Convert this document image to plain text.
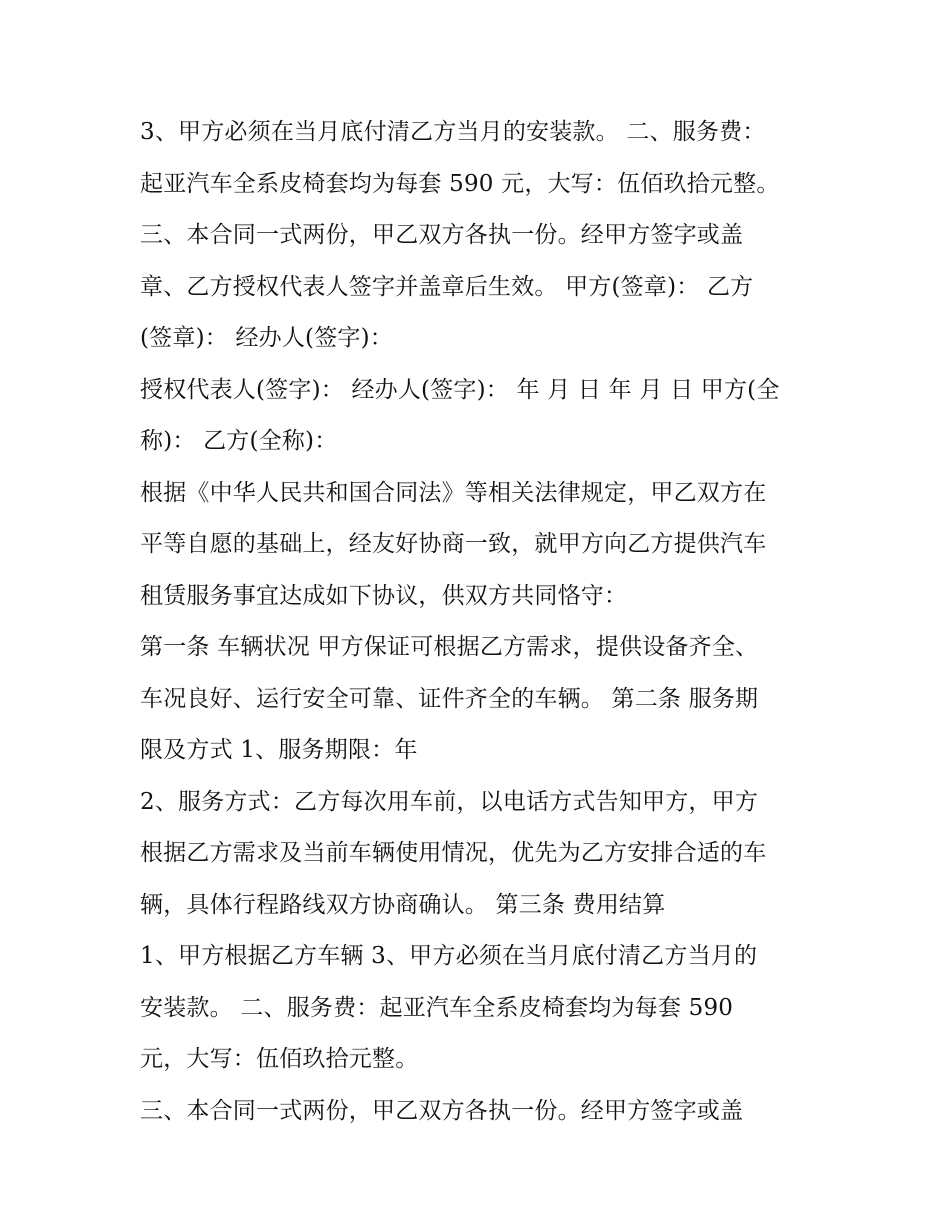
3、甲方必须在当月底付清乙方当月的安装款。 二、服务费：
起亚汽车全系皮椅套均为每套 590 元，大写：伍佰玖拾元整。
三、本合同一式两份，甲乙双方各执一份。经甲方签字或盖
章、乙方授权代表人签字并盖章后生效。 甲方(签章)： 乙方
(签章)： 经办人(签字)：
授权代表人(签字)： 经办人(签字)： 年 月 日 年 月 日 甲方(全
称)： 乙方(全称)：
根据《中华人民共和国合同法》等相关法律规定，甲乙双方在
平等自愿的基础上，经友好协商一致，就甲方向乙方提供汽车
租赁服务事宜达成如下协议，供双方共同恪守：
第一条 车辆状况 甲方保证可根据乙方需求，提供设备齐全、
车况良好、运行安全可靠、证件齐全的车辆。 第二条 服务期
限及方式 1、服务期限：年
2、服务方式：乙方每次用车前，以电话方式告知甲方，甲方
根据乙方需求及当前车辆使用情况，优先为乙方安排合适的车
辆，具体行程路线双方协商确认。 第三条 费用结算
1、甲方根据乙方车辆 3、甲方必须在当月底付清乙方当月的
安装款。 二、服务费：起亚汽车全系皮椅套均为每套 590
元，大写：伍佰玖拾元整。
三、本合同一式两份，甲乙双方各执一份。经甲方签字或盖
